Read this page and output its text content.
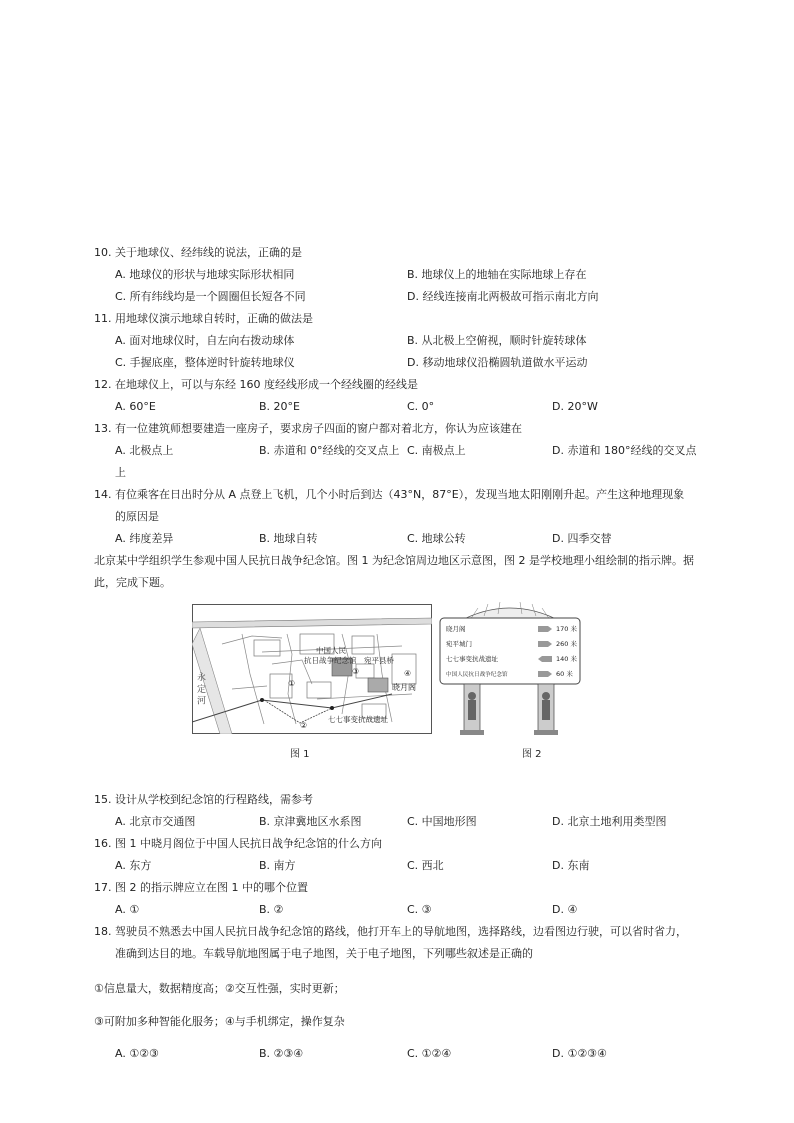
10. 关于地球仪、经纬线的说法，正确的是
A. 地球仪的形状与地球实际形状相同	B. 地球仪上的地轴在实际地球上存在
C. 所有纬线均是一个圆圈但长短各不同	D. 经线连接南北两极故可指示南北方向
11. 用地球仪演示地球自转时，正确的做法是
A. 面对地球仪时，自左向右拨动球体	B. 从北极上空俯视，顺时针旋转球体
C. 手握底座，整体逆时针旋转地球仪	D. 移动地球仪沿椭圆轨道做水平运动
12. 在地球仪上，可以与东经 160 度经线形成一个经线圈的经线是
A. 60°E	B. 20°E	C. 0°	D. 20°W
13. 有一位建筑师想要建造一座房子，要求房子四面的窗户都对着北方，你认为应该建在
A. 北极点上	B. 赤道和 0°经线的交叉点上 C. 南极点上	D. 赤道和 180°经线的交叉点
上
14. 有位乘客在日出时分从 A 点登上飞机，几个小时后到达（43°N，87°E），发现当地太阳刚刚升起。产生这种地理现象
的原因是
A. 纬度差异	B. 地球自转	C. 地球公转	D. 四季交替
北京某中学组织学生参观中国人民抗日战争纪念馆。图 1 为纪念馆周边地区示意图，图 2 是学校地理小组绘制的指示牌。据
此，完成下题。
永 定 河
中国人民
抗日战争纪念馆 宛平县桥
晓月阁
七七事变抗战遗址
①
②
③	④
图 1
晓月阁	170 米
宛平城门	260 米
七七事变抗战遗址	140 米
中国人民抗日战争纪念馆	60 米
图 2
15. 设计从学校到纪念馆的行程路线，需参考
A. 北京市交通图	B. 京津冀地区水系图	C. 中国地形图	D. 北京土地利用类型图
16. 图 1 中晓月阁位于中国人民抗日战争纪念馆的什么方向
A. 东方	B. 南方	C. 西北	D. 东南
17. 图 2 的指示牌应立在图 1 中的哪个位置
A. ①	B. ②	C. ③	D. ④
18. 驾驶员不熟悉去中国人民抗日战争纪念馆的路线，他打开车上的导航地图，选择路线，边看图边行驶，可以省时省力，
准确到达目的地。车载导航地图属于电子地图，关于电子地图，下列哪些叙述是正确的
①信息量大，数据精度高；②交互性强，实时更新；
③可附加多种智能化服务；④与手机绑定，操作复杂
A. ①②③	B. ②③④	C. ①②④	D. ①②③④
